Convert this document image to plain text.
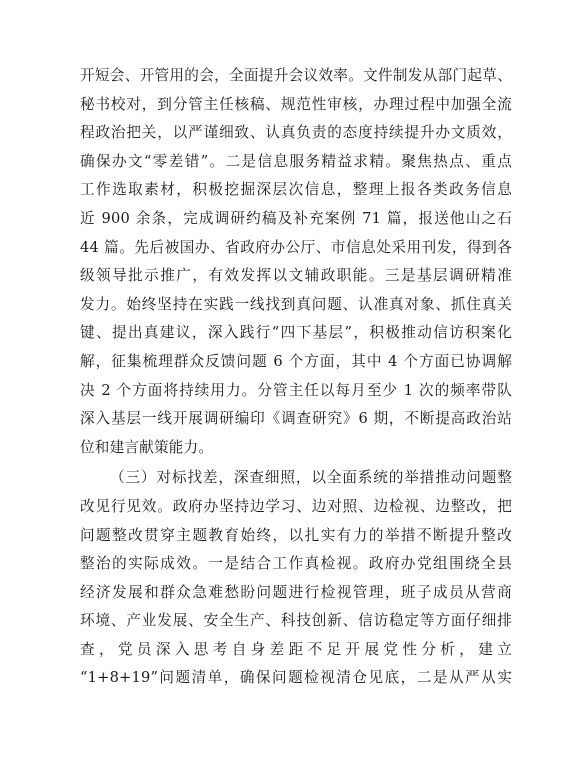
开短会、开管用的会，全面提升会议效率。文件制发从部门起草、
秘书校对，到分管主任核稿、规范性审核，办理过程中加强全流
程政治把关，以严谨细致、认真负责的态度持续提升办文质效，
确保办文“零差错”。二是信息服务精益求精。聚焦热点、重点
工作选取素材，积极挖掘深层次信息，整理上报各类政务信息
近 900 余条，完成调研约稿及补充案例 71 篇，报送他山之石
44 篇。先后被国办、省政府办公厅、市信息处采用刊发，得到各
级领导批示推广，有效发挥以文辅政职能。三是基层调研精准
发力。始终坚持在实践一线找到真问题、认准真对象、抓住真关
键、提出真建议，深入践行“四下基层”，积极推动信访积案化
解，征集梳理群众反馈问题 6 个方面，其中 4 个方面已协调解
决 2 个方面将持续用力。分管主任以每月至少 1 次的频率带队
深入基层一线开展调研编印《调查研究》6 期，不断提高政治站
位和建言献策能力。
（三）对标找差，深查细照，以全面系统的举措推动问题整
改见行见效。政府办坚持边学习、边对照、边检视、边整改，把
问题整改贯穿主题教育始终，以扎实有力的举措不断提升整改
整治的实际成效。一是结合工作真检视。政府办党组围绕全县
经济发展和群众急难愁盼问题进行检视管理，班子成员从营商
环境、产业发展、安全生产、科技创新、信访稳定等方面仔细排
查，党员深入思考自身差距不足开展党性分析，建立
“1+8+19”问题清单，确保问题检视清仓见底，二是从严从实
